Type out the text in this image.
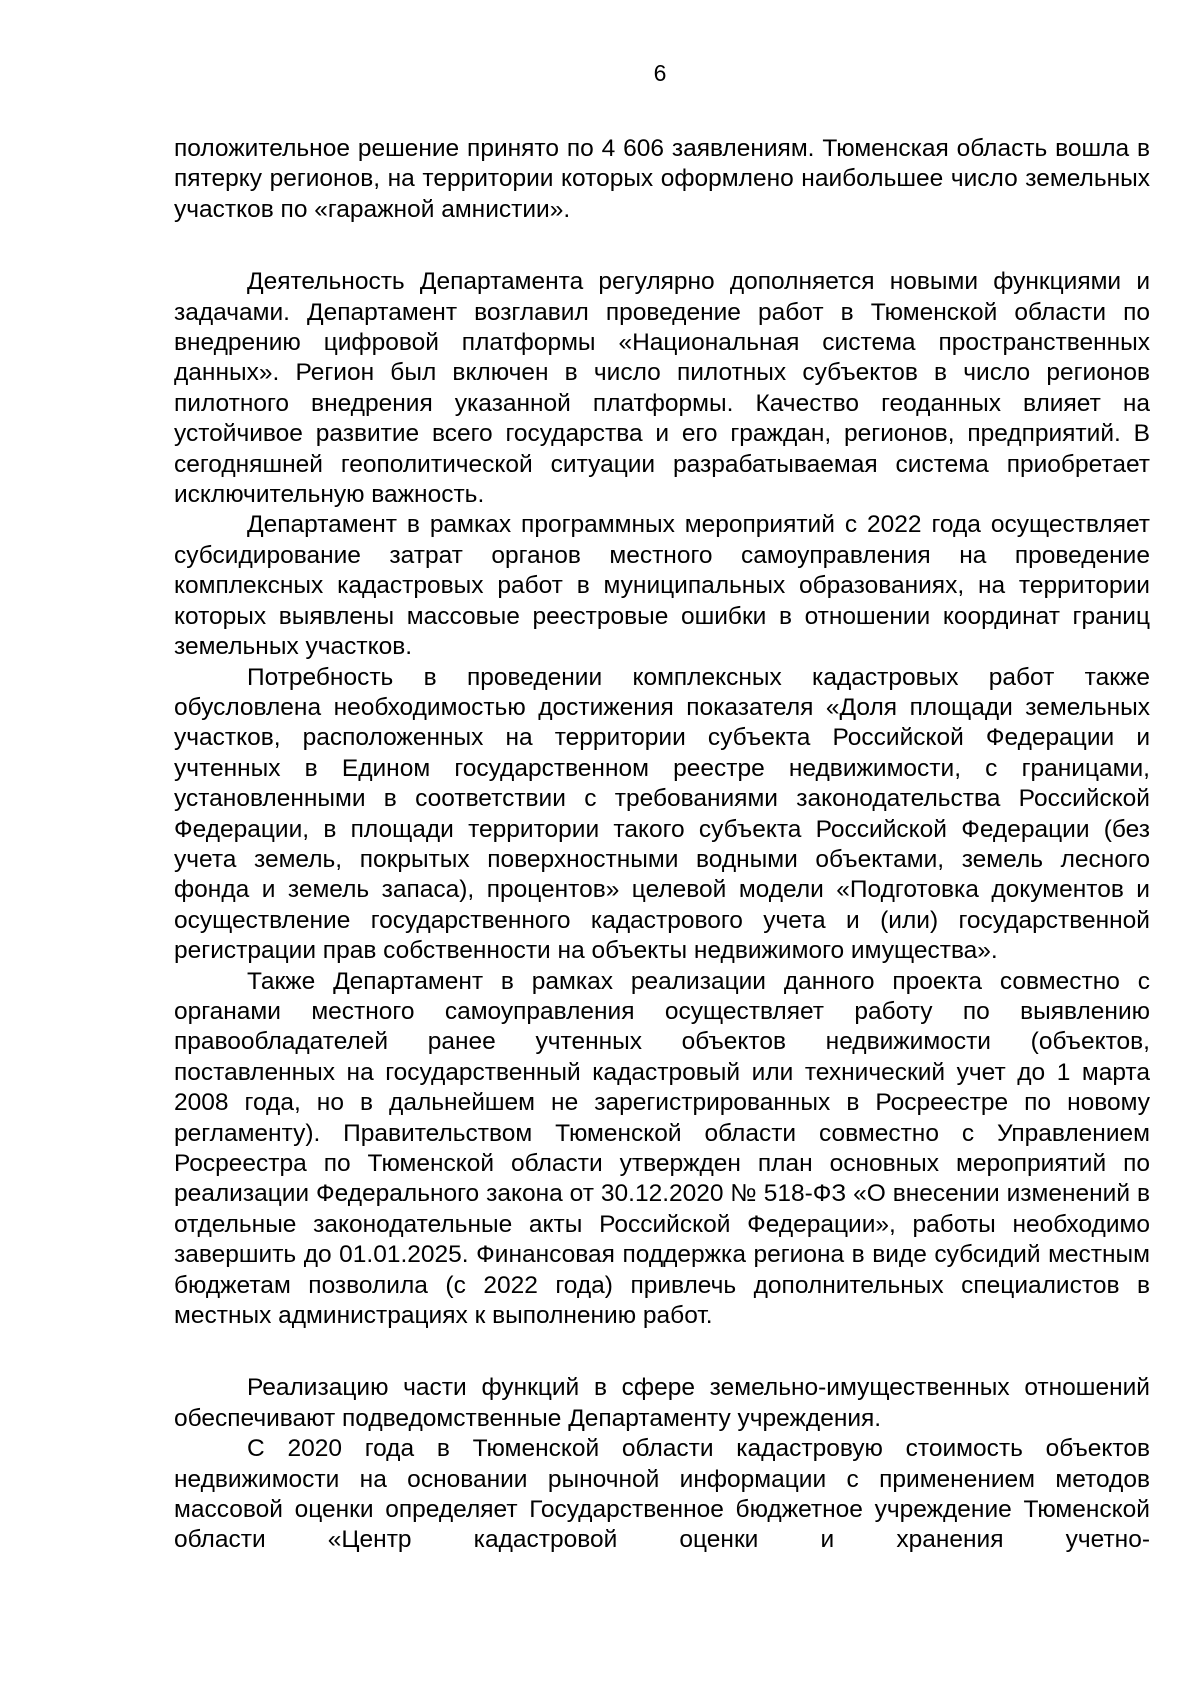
6

положительное решение принято по 4 606 заявлениям. Тюменская область вошла в пятерку регионов, на территории которых оформлено наибольшее число земельных участков по «гаражной амнистии».

Деятельность Департамента регулярно дополняется новыми функциями и задачами. Департамент возглавил проведение работ в Тюменской области по внедрению цифровой платформы «Национальная система пространственных данных». Регион был включен в число пилотных субъектов в число регионов пилотного внедрения указанной платформы. Качество геоданных влияет на устойчивое развитие всего государства и его граждан, регионов, предприятий. В сегодняшней геополитической ситуации разрабатываемая система приобретает исключительную важность.

Департамент в рамках программных мероприятий с 2022 года осуществляет субсидирование затрат органов местного самоуправления на проведение комплексных кадастровых работ в муниципальных образованиях, на территории которых выявлены массовые реестровые ошибки в отношении координат границ земельных участков.

Потребность в проведении комплексных кадастровых работ также обусловлена необходимостью достижения показателя «Доля площади земельных участков, расположенных на территории субъекта Российской Федерации и учтенных в Едином государственном реестре недвижимости, с границами, установленными в соответствии с требованиями законодательства Российской Федерации, в площади территории такого субъекта Российской Федерации (без учета земель, покрытых поверхностными водными объектами, земель лесного фонда и земель запаса), процентов» целевой модели «Подготовка документов и осуществление государственного кадастрового учета и (или) государственной регистрации прав собственности на объекты недвижимого имущества».

Также Департамент в рамках реализации данного проекта совместно с органами местного самоуправления осуществляет работу по выявлению правообладателей ранее учтенных объектов недвижимости (объектов, поставленных на государственный кадастровый или технический учет до 1 марта 2008 года, но в дальнейшем не зарегистрированных в Росреестре по новому регламенту). Правительством Тюменской области совместно с Управлением Росреестра по Тюменской области утвержден план основных мероприятий по реализации Федерального закона от 30.12.2020 № 518-ФЗ «О внесении изменений в отдельные законодательные акты Российской Федерации», работы необходимо завершить до 01.01.2025. Финансовая поддержка региона в виде субсидий местным бюджетам позволила (с 2022 года) привлечь дополнительных специалистов в местных администрациях к выполнению работ.

Реализацию части функций в сфере земельно-имущественных отношений обеспечивают подведомственные Департаменту учреждения.

С 2020 года в Тюменской области кадастровую стоимость объектов недвижимости на основании рыночной информации с применением методов массовой оценки определяет Государственное бюджетное учреждение Тюменской области «Центр кадастровой оценки и хранения учетно-
